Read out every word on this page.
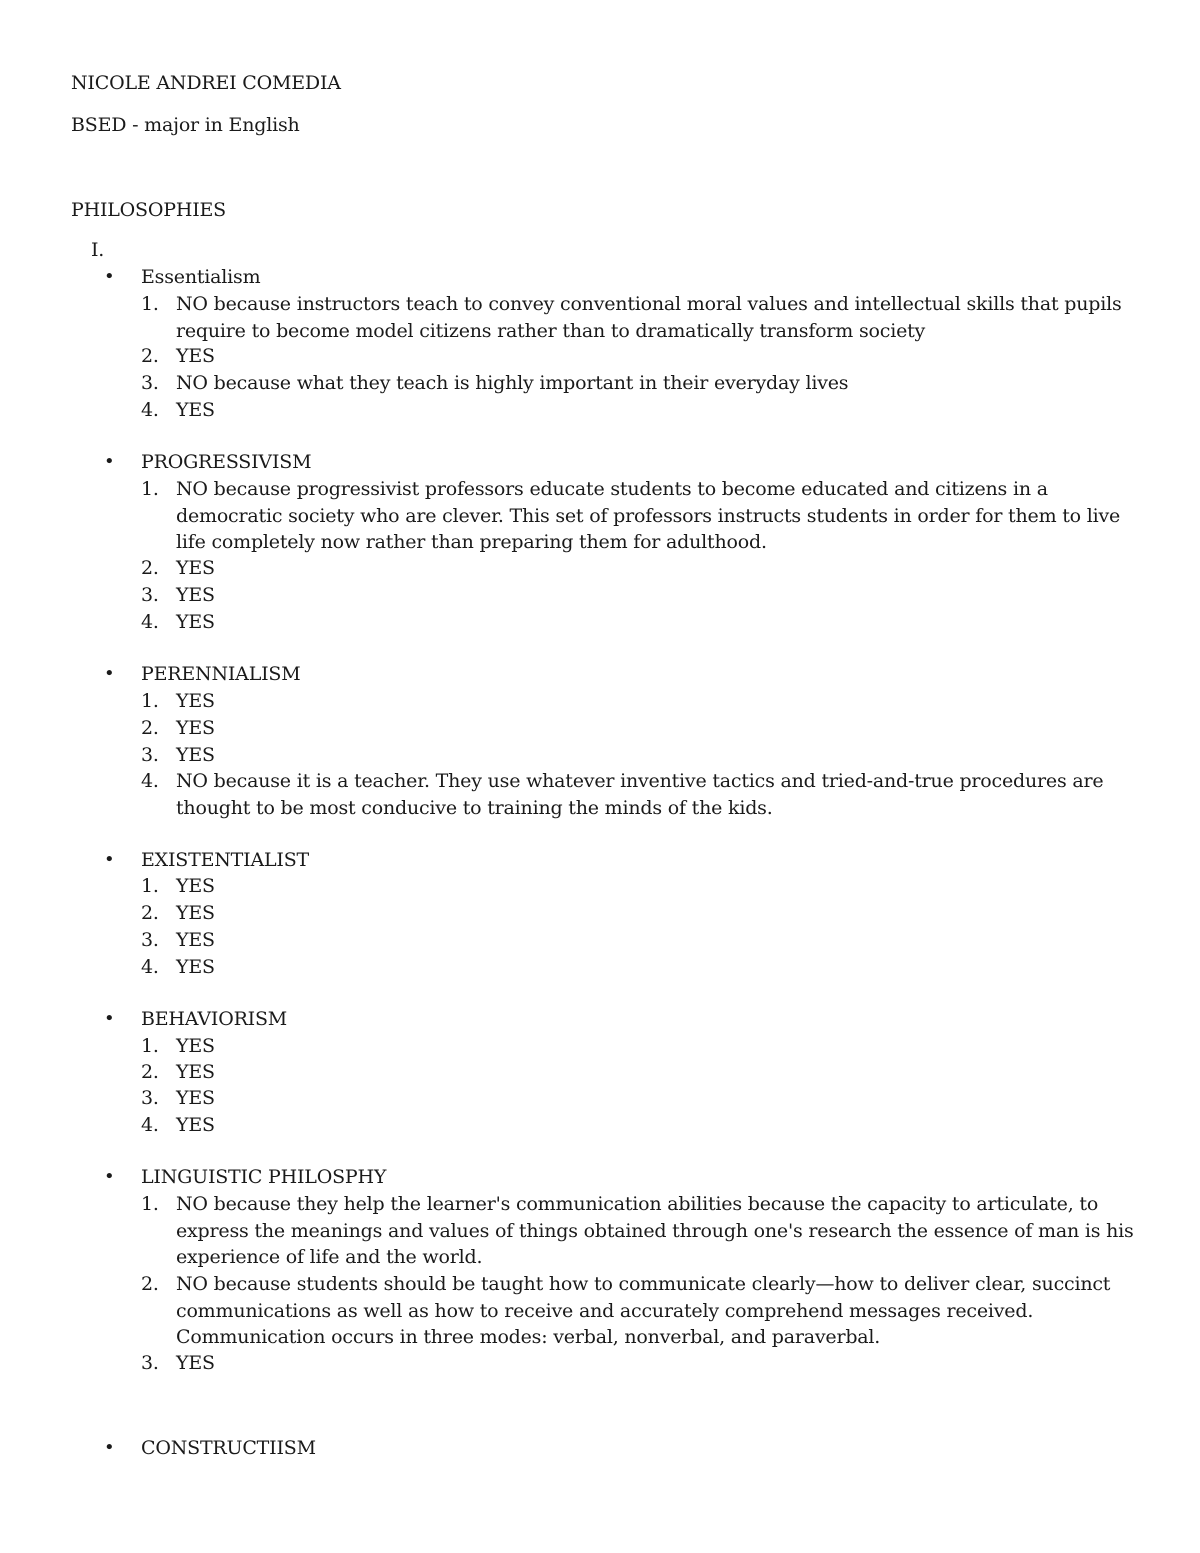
NICOLE ANDREI COMEDIA
BSED - major in English
PHILOSOPHIES
I.
• Essentialism
1. NO because instructors teach to convey conventional moral values and intellectual skills that pupils require to become model citizens rather than to dramatically transform society
2. YES
3. NO because what they teach is highly important in their everyday lives
4. YES
• PROGRESSIVISM
1. NO because progressivist professors educate students to become educated and citizens in a democratic society who are clever. This set of professors instructs students in order for them to live life completely now rather than preparing them for adulthood.
2. YES
3. YES
4. YES
• PERENNIALISM
1. YES
2. YES
3. YES
4. NO because it is a teacher. They use whatever inventive tactics and tried-and-true procedures are thought to be most conducive to training the minds of the kids.
• EXISTENTIALIST
1. YES
2. YES
3. YES
4. YES
• BEHAVIORISM
1. YES
2. YES
3. YES
4. YES
• LINGUISTIC PHILOSPHY
1. NO because they help the learner's communication abilities because the capacity to articulate, to express the meanings and values of things obtained through one's research the essence of man is his experience of life and the world.
2. NO because students should be taught how to communicate clearly—how to deliver clear, succinct communications as well as how to receive and accurately comprehend messages received. Communication occurs in three modes: verbal, nonverbal, and paraverbal.
3. YES
• CONSTRUCTIISM
